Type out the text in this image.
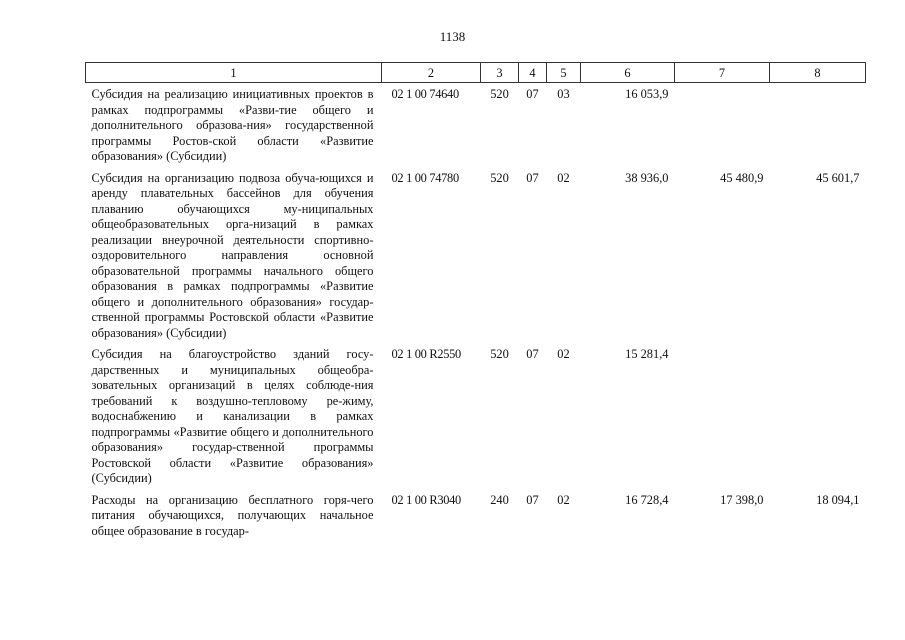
1138
1	2	3	4	5	6	7	8
Субсидия на реализацию инициативных проектов в рамках подпрограммы «Разви-тие общего и дополнительного образова-ния» государственной программы Ростов-ской области «Развитие образования» (Субсидии)	02 1 00 74640	520	07	03	16 053,9		
Субсидия на организацию подвоза обуча-ющихся и аренду плавательных бассейнов для обучения плаванию обучающихся му-ниципальных общеобразовательных орга-низаций в рамках реализации внеурочной деятельности спортивно-оздоровительного направления основной образовательной программы начального общего образования в рамках подпрограммы «Развитие общего и дополнительного образования» государ-ственной программы Ростовской области «Развитие образования» (Субсидии)	02 1 00 74780	520	07	02	38 936,0	45 480,9	45 601,7
Субсидия на благоустройство зданий госу-дарственных и муниципальных общеобра-зовательных организаций в целях соблюде-ния требований к воздушно-тепловому ре-жиму, водоснабжению и канализации в рамках подпрограммы «Развитие общего и дополнительного образования» государ-ственной программы Ростовской области «Развитие образования» (Субсидии)	02 1 00 R2550	520	07	02	15 281,4		
Расходы на организацию бесплатного горя-чего питания обучающихся, получающих начальное общее образование в государ-	02 1 00 R3040	240	07	02	16 728,4	17 398,0	18 094,1
